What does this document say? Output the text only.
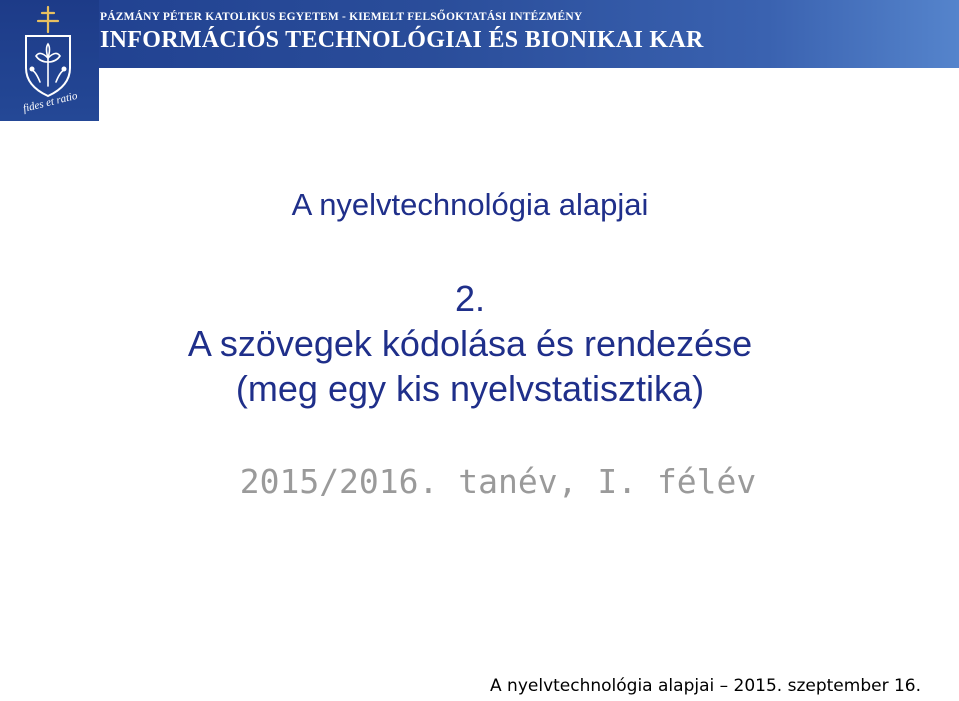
PÁZMÁNY PÉTER KATOLIKUS EGYETEM - KIEMELT FELSŐOKTATÁSI INTÉZMÉNY
INFORMÁCIÓS TECHNOLÓGIAI ÉS BIONIKAI KAR
fides et ratio
A nyelvtechnológia alapjai
2.
A szövegek kódolása és rendezése
(meg egy kis nyelvstatisztika)
2015/2016. tanév, I. félév
A nyelvtechnológia alapjai – 2015. szeptember 16.
